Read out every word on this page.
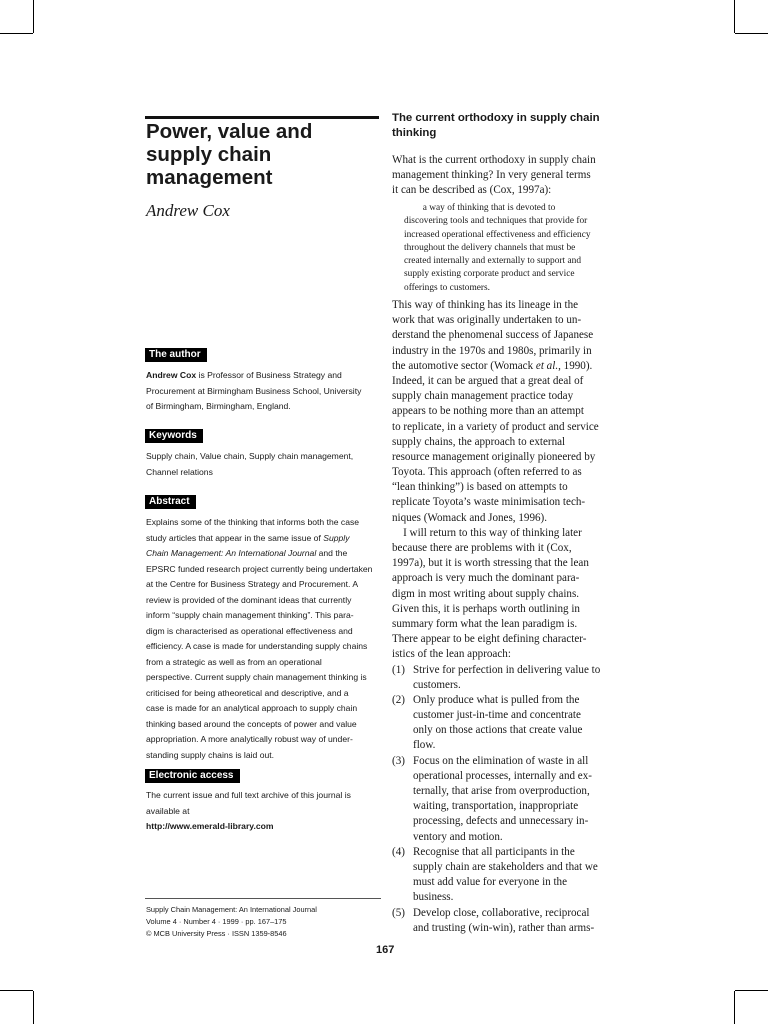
Power, value and
supply chain
management

Andrew Cox

The author

Andrew Cox is Professor of Business Strategy and
Procurement at Birmingham Business School, University
of Birmingham, Birmingham, England.

Keywords

Supply chain, Value chain, Supply chain management,
Channel relations

Abstract

Explains some of the thinking that informs both the case
study articles that appear in the same issue of Supply
Chain Management: An International Journal and the
EPSRC funded research project currently being undertaken
at the Centre for Business Strategy and Procurement. A
review is provided of the dominant ideas that currently
inform “supply chain management thinking”. This para-
digm is characterised as operational effectiveness and
efficiency. A case is made for understanding supply chains
from a strategic as well as from an operational
perspective. Current supply chain management thinking is
criticised for being atheoretical and descriptive, and a
case is made for an analytical approach to supply chain
thinking based around the concepts of power and value
appropriation. A more analytically robust way of under-
standing supply chains is laid out.

Electronic access

The current issue and full text archive of this journal is
available at
http://www.emerald-library.com

Supply Chain Management: An International Journal
Volume 4 · Number 4 · 1999 · pp. 167–175
© MCB University Press · ISSN 1359-8546

The current orthodoxy in supply chain
thinking

What is the current orthodoxy in supply chain
management thinking? In very general terms
it can be described as (Cox, 1997a):

   a way of thinking that is devoted to
discovering tools and techniques that provide for
increased operational effectiveness and efficiency
throughout the delivery channels that must be
created internally and externally to support and
supply existing corporate product and service
offerings to customers.

This way of thinking has its lineage in the
work that was originally undertaken to un-
derstand the phenomenal success of Japanese
industry in the 1970s and 1980s, primarily in
the automotive sector (Womack et al., 1990).
Indeed, it can be argued that a great deal of
supply chain management practice today
appears to be nothing more than an attempt
to replicate, in a variety of product and service
supply chains, the approach to external
resource management originally pioneered by
Toyota. This approach (often referred to as
“lean thinking”) is based on attempts to
replicate Toyota’s waste minimisation tech-
niques (Womack and Jones, 1996).
 I will return to this way of thinking later
because there are problems with it (Cox,
1997a), but it is worth stressing that the lean
approach is very much the dominant para-
digm in most writing about supply chains.
Given this, it is perhaps worth outlining in
summary form what the lean paradigm is.
There appear to be eight defining character-
istics of the lean approach:
(1) Strive for perfection in delivering value to
customers.
(2) Only produce what is pulled from the
customer just-in-time and concentrate
only on those actions that create value
flow.
(3) Focus on the elimination of waste in all
operational processes, internally and ex-
ternally, that arise from overproduction,
waiting, transportation, inappropriate
processing, defects and unnecessary in-
ventory and motion.
(4) Recognise that all participants in the
supply chain are stakeholders and that we
must add value for everyone in the
business.
(5) Develop close, collaborative, reciprocal
and trusting (win-win), rather than arms-

167
